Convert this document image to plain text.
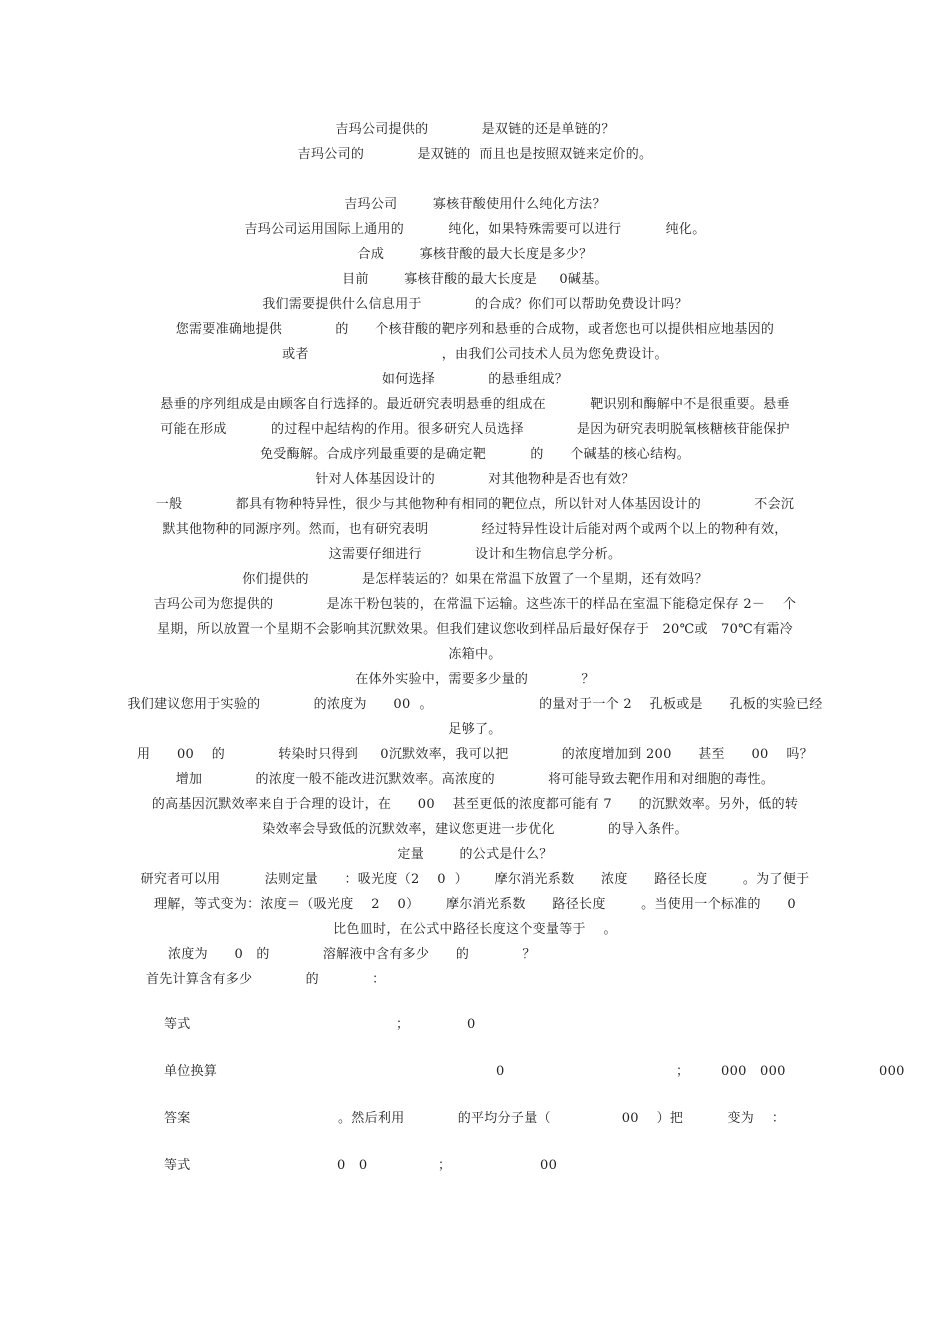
吉玛公司提供的            是双链的还是单链的？
吉玛公司的            是双链的  而且也是按照双链来定价的。
吉玛公司        寡核苷酸使用什么纯化方法？
吉玛公司运用国际上通用的          纯化，如果特殊需要可以进行          纯化。
合成        寡核苷酸的最大长度是多少？
目前        寡核苷酸的最大长度是     0碱基。
我们需要提供什么信息用于            的合成？你们可以帮助免费设计吗？
您需要准确地提供            的      个核苷酸的靶序列和悬垂的合成物，或者您也可以提供相应地基因的
或者                              ，由我们公司技术人员为您免费设计。
如何选择            的悬垂组成？
悬垂的序列组成是由顾客自行选择的。最近研究表明悬垂的组成在          靶识别和酶解中不是很重要。悬垂
可能在形成          的过程中起结构的作用。很多研究人员选择            是因为研究表明脱氧核糖核苷能保护
免受酶解。合成序列最重要的是确定靶          的      个碱基的核心结构。
针对人体基因设计的            对其他物种是否也有效？
一般            都具有物种特异性，很少与其他物种有相同的靶位点，所以针对人体基因设计的            不会沉
默其他物种的同源序列。然而，也有研究表明            经过特异性设计后能对两个或两个以上的物种有效，
这需要仔细进行            设计和生物信息学分析。
你们提供的            是怎样装运的？如果在常温下放置了一个星期，还有效吗？
吉玛公司为您提供的            是冻干粉包装的，在常温下运输。这些冻干的样品在室温下能稳定保存 2－    个
星期，所以放置一个星期不会影响其沉默效果。但我们建议您收到样品后最好保存于   20℃或   70℃有霜冷
冻箱中。
在体外实验中，需要多少量的            ？
我们建议您用于实验的            的浓度为      00  。                        的量对于一个 2    孔板或是      孔板的实验已经
足够了。
用      00    的            转染时只得到     0沉默效率，我可以把            的浓度增加到 200      甚至      00    吗？
增加            的浓度一般不能改进沉默效率。高浓度的            将可能导致去靶作用和对细胞的毒性。
的高基因沉默效率来自于合理的设计，在      00    甚至更低的浓度都可能有 7      的沉默效率。另外，低的转
染效率会导致低的沉默效率，建议您更进一步优化            的导入条件。
定量        的公式是什么？
研究者可以用          法则定量      ：吸光度（2    0  ）      摩尔消光系数      浓度      路径长度        。为了便于
理解，等式变为：浓度＝（吸光度    2    0）      摩尔消光系数      路径长度        。当使用一个标准的      0
比色皿时，在公式中路径长度这个变量等于    。
浓度为      0   的            溶解液中含有多少      的            ？
首先计算含有多少            的            ：
等式	；	0
单位换算	0	； 000   000	000
答案	。然后利用            的平均分子量（                00    ）把          变为    ：
等式	0   0	；	00
